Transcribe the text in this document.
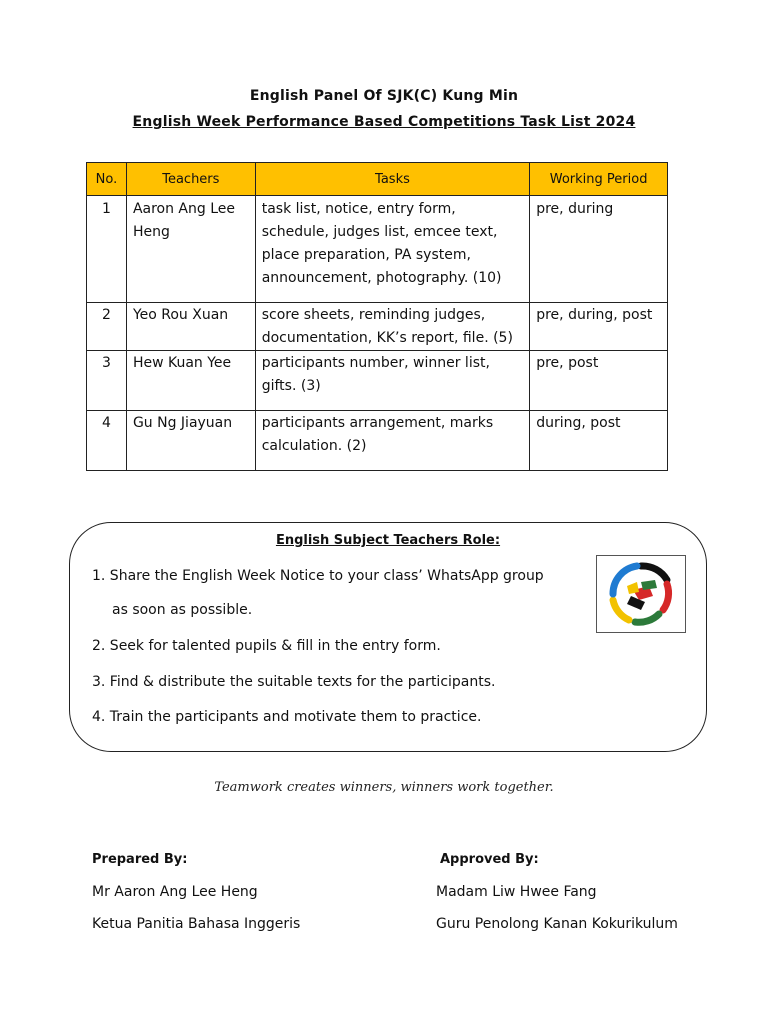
English Panel Of SJK(C) Kung Min
English Week Performance Based Competitions Task List 2024
No.	Teachers	Tasks	Working Period
1	Aaron Ang Lee Heng	task list, notice, entry form, schedule, judges list, emcee text, place preparation, PA system, announcement, photography. (10)	pre, during
2	Yeo Rou Xuan	score sheets, reminding judges, documentation, KK’s report, file. (5)	pre, during, post
3	Hew Kuan Yee	participants number, winner list, gifts. (3)	pre, post
4	Gu Ng Jiayuan	participants arrangement, marks calculation. (2)	during, post
English Subject Teachers Role:
1. Share the English Week Notice to your class’ WhatsApp group
as soon as possible.
2. Seek for talented pupils & fill in the entry form.
3. Find & distribute the suitable texts for the participants.
4. Train the participants and motivate them to practice.
Teamwork creates winners, winners work together.
Prepared By:
Mr Aaron Ang Lee Heng
Ketua Panitia Bahasa Inggeris
Approved By:
Madam Liw Hwee Fang
Guru Penolong Kanan Kokurikulum
